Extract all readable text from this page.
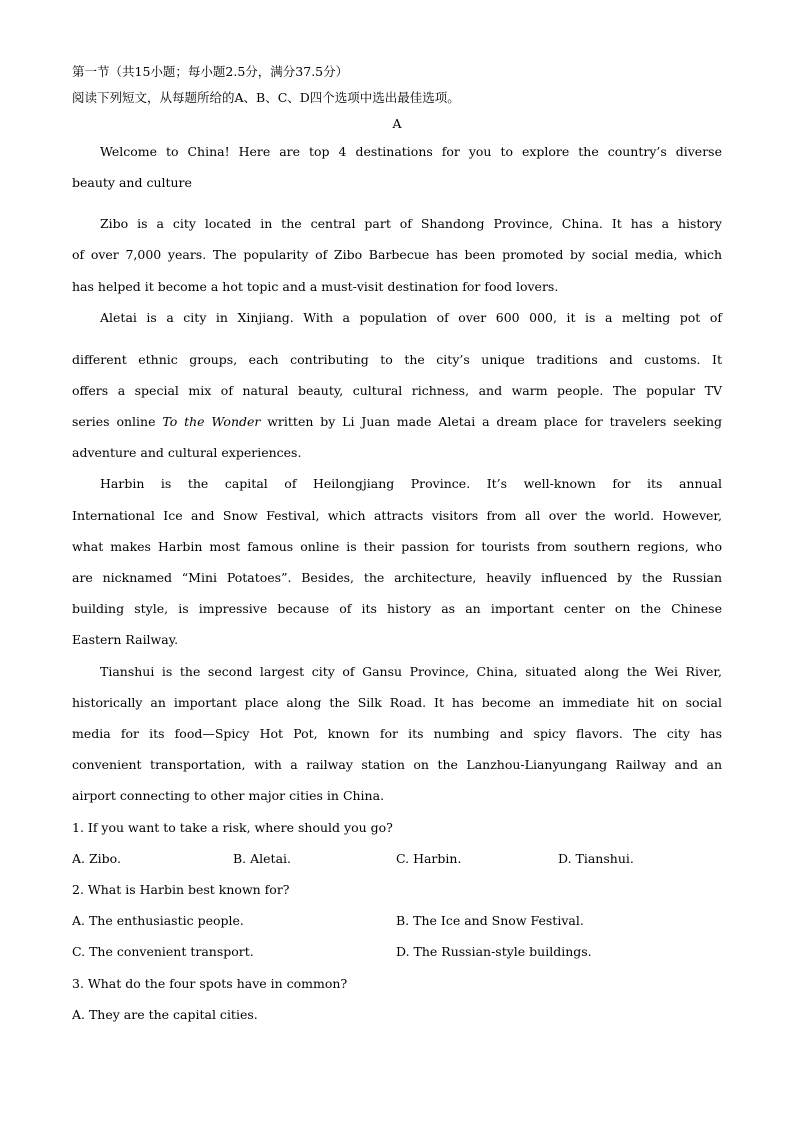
第一节（共15小题；每小题2.5分，满分37.5分）
阅读下列短文，从每题所给的A、B、C、D四个选项中选出最佳选项。
A
Welcome to China! Here are top 4 destinations for you to explore the country’s diverse
beauty and culture
Zibo is a city located in the central part of Shandong Province, China. It has a history
of over 7,000 years. The popularity of Zibo Barbecue has been promoted by social media, which
has helped it become a hot topic and a must-visit destination for food lovers.
Aletai is a city in Xinjiang. With a population of over 600 000, it is a melting pot of
different ethnic groups, each contributing to the city’s unique traditions and customs. It
offers a special mix of natural beauty, cultural richness, and warm people. The popular TV
series online To the Wonder written by Li Juan made Aletai a dream place for travelers seeking
adventure and cultural experiences.
Harbin is the capital of Heilongjiang Province. It’s well-known for its annual
International Ice and Snow Festival, which attracts visitors from all over the world. However,
what makes Harbin most famous online is their passion for tourists from southern regions, who
are nicknamed “Mini Potatoes”. Besides, the architecture, heavily influenced by the Russian
building style, is impressive because of its history as an important center on the Chinese
Eastern Railway.
Tianshui is the second largest city of Gansu Province, China, situated along the Wei River,
historically an important place along the Silk Road. It has become an immediate hit on social
media for its food—Spicy Hot Pot, known for its numbing and spicy flavors. The city has
convenient transportation, with a railway station on the Lanzhou-Lianyungang Railway and an
airport connecting to other major cities in China.
1. If you want to take a risk, where should you go?
A. Zibo.	B. Aletai.	C. Harbin.	D. Tianshui.
2. What is Harbin best known for?
A. The enthusiastic people.	B. The Ice and Snow Festival.
C. The convenient transport.	D. The Russian-style buildings.
3. What do the four spots have in common?
A. They are the capital cities.
